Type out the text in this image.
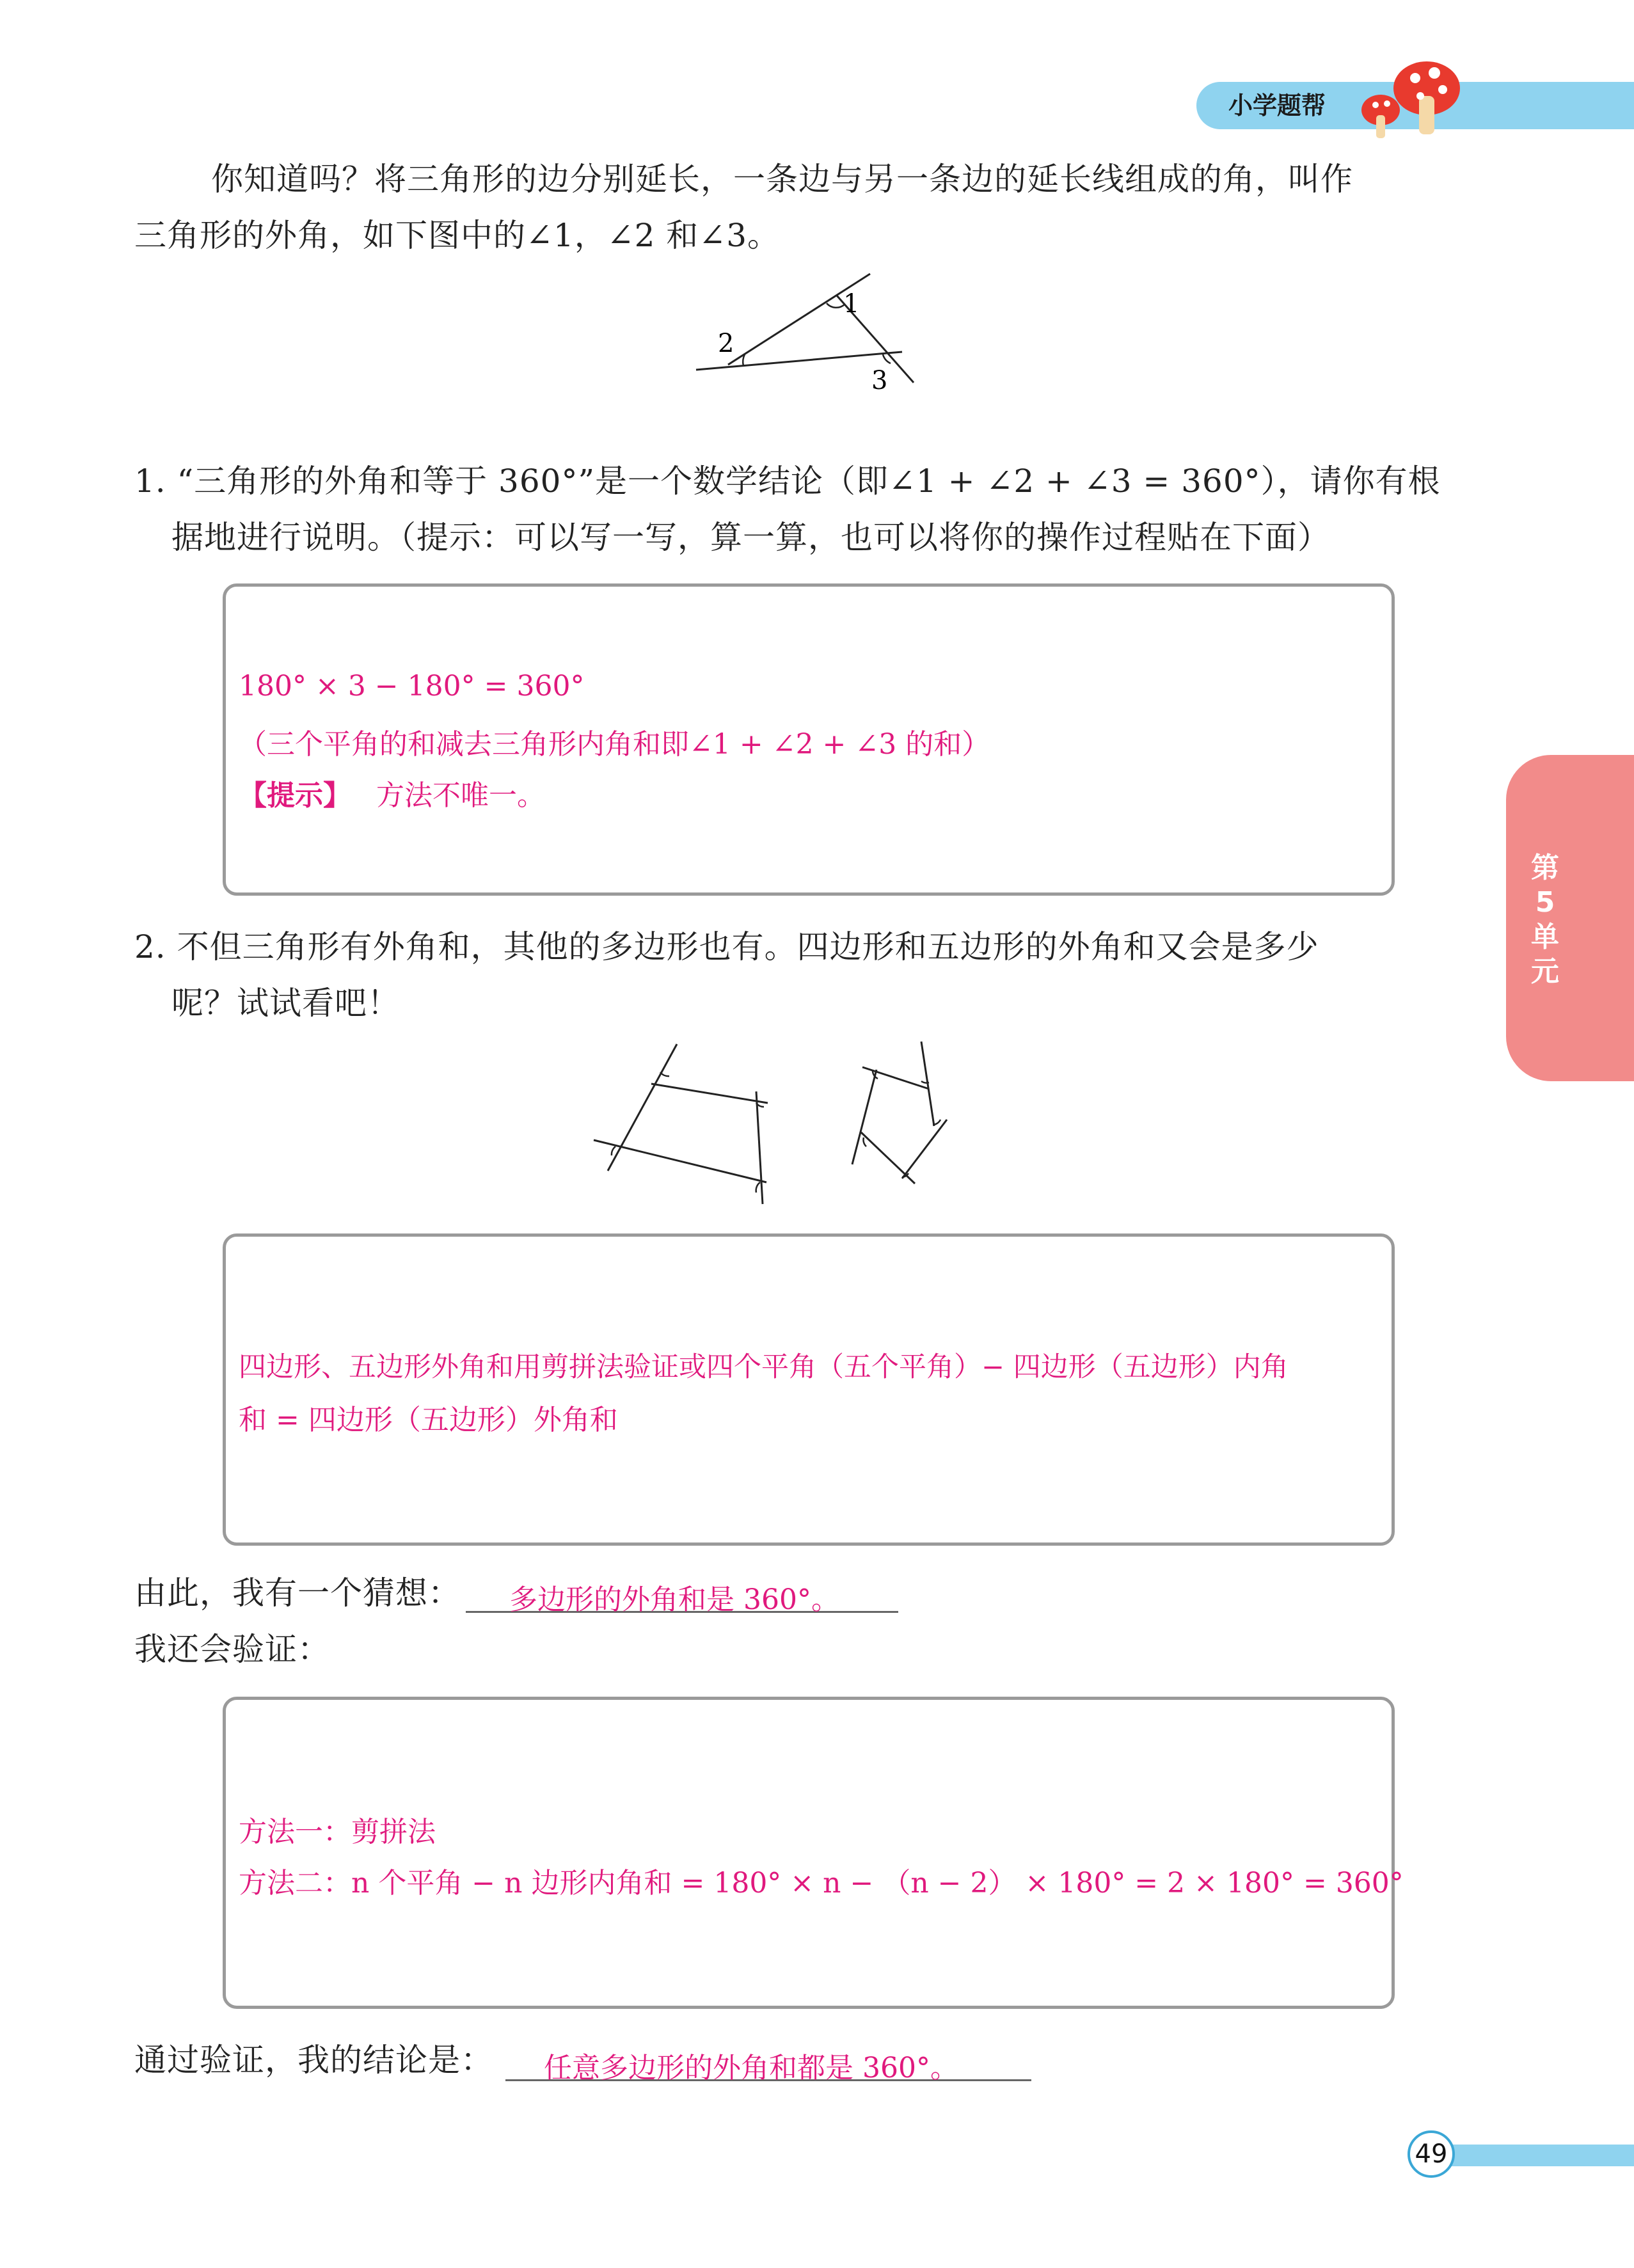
小学题帮
第
5
单
元
你知道吗？将三角形的边分别延长，一条边与另一条边的延长线组成的角，叫作
三角形的外角，如下图中的∠1，∠2 和∠3。
1
2
3
1. “三角形的外角和等于 360°”是一个数学结论（即∠1 + ∠2 + ∠3 = 360°），请你有根
据地进行说明。（提示：可以写一写，算一算，也可以将你的操作过程贴在下面）
180° × 3 − 180° = 360°
（三个平角的和减去三角形内角和即∠1 + ∠2 + ∠3 的和）
【提示】 方法不唯一。
2. 不但三角形有外角和，其他的多边形也有。四边形和五边形的外角和又会是多少
呢？试试看吧！
四边形、五边形外角和用剪拼法验证或四个平角（五个平角）− 四边形（五边形）内角
和 = 四边形（五边形）外角和
由此，我有一个猜想： 多边形的外角和是 360°。
我还会验证：
方法一：剪拼法
方法二：n 个平角 − n 边形内角和 = 180° × n − （n − 2） × 180° = 2 × 180° = 360°
通过验证，我的结论是： 任意多边形的外角和都是 360°。
49
